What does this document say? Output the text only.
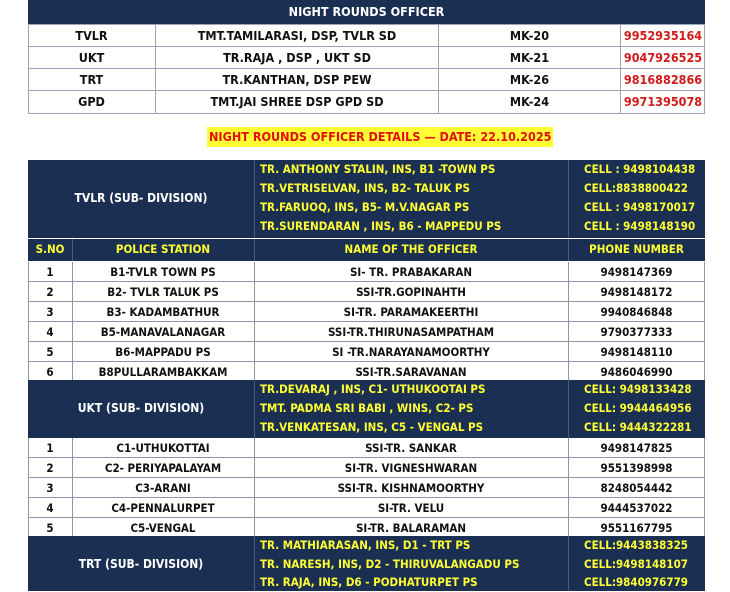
NIGHT ROUNDS OFFICER
TVLR	TMT.TAMILARASI, DSP, TVLR SD	MK-20	9952935164
UKT	TR.RAJA , DSP , UKT SD	MK-21	9047926525
TRT	TR.KANTHAN, DSP PEW	MK-26	9816882866
GPD	TMT.JAI SHREE DSP GPD SD	MK-24	9971395078
NIGHT ROUNDS OFFICER DETAILS — DATE: 22.10.2025
TVLR (SUB- DIVISION)
TR. ANTHONY STALIN, INS, B1 -TOWN PS	CELL : 9498104438
TR.VETRISELVAN, INS, B2- TALUK PS	CELL:8838800422
TR.FARUOQ, INS, B5- M.V.NAGAR PS	CELL : 9498170017
TR.SURENDARAN , INS, B6 - MAPPEDU PS	CELL : 9498148190
S.NO	POLICE STATION	NAME OF THE OFFICER	PHONE NUMBER
1	B1-TVLR TOWN PS	SI- TR. PRABAKARAN	9498147369
2	B2- TVLR TALUK PS	SSI-TR.GOPINAHTH	9498148172
3	B3- KADAMBATHUR	SI-TR. PARAMAKEERTHI	9940846848
4	B5-MANAVALANAGAR	SSI-TR.THIRUNASAMPATHAM	9790377333
5	B6-MAPPADU PS	SI -TR.NARAYANAMOORTHY	9498148110
6	B8PULLARAMBAKKAM	SSI-TR.SARAVANAN	9486046990
UKT (SUB- DIVISION)
TR.DEVARAJ , INS, C1- UTHUKOOTAI PS	CELL: 9498133428
TMT. PADMA SRI BABI , WINS, C2- PS	CELL: 9944464956
TR.VENKATESAN, INS, C5 - VENGAL PS	CELL: 9444322281
1	C1-UTHUKOTTAI	SSI-TR. SANKAR	9498147825
2	C2- PERIYAPALAYAM	SI-TR. VIGNESHWARAN	9551398998
3	C3-ARANI	SSI-TR. KISHNAMOORTHY	8248054442
4	C4-PENNALURPET	SI-TR. VELU	9444537022
5	C5-VENGAL	SI-TR. BALARAMAN	9551167795
TRT (SUB- DIVISION)
TR. MATHIARASAN, INS, D1 - TRT PS	CELL:9443838325
TR. NARESH, INS, D2 - THIRUVALANGADU PS	CELL:9498148107
TR. RAJA, INS, D6 - PODHATURPET PS	CELL:9840976779
